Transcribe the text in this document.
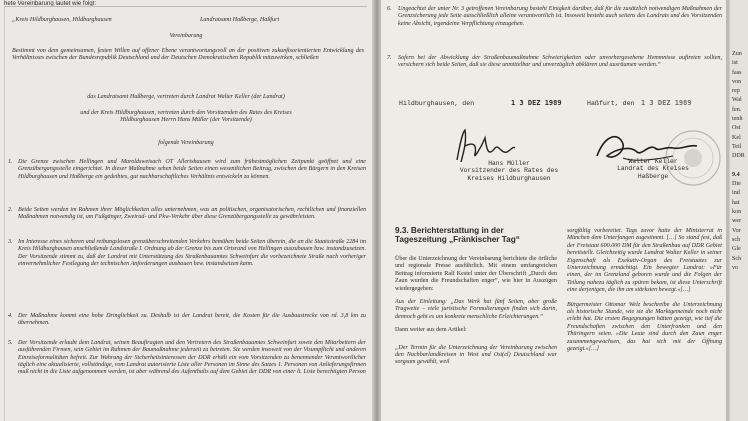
hete Vereinbarung lautet wie folgt:

„Kreis Hildburghausen, Hildburghausen	Landratsamt Haßberge, Haßfurt

Vereinbarung

Bestimmt von dem gemeinsamen, festen Willen auf offener Ebene verantwortungsvoll an der positiven zukunftsorientierten Entwicklung des Verhältnisses zwischen der Bundesrepublik Deutschland und der Deutschen Demokratischen Republik mitzuwirken, schließen

das Landratsamt Haßberge, vertreten durch Landrat Walter Keller (der Landrat)

und der Kreis Hildburghausen, vertreten durch den Vorsitzenden des Rates des Kreises Hildburghausen Herrn Hans Müller (der Vorsitzende)

folgende Vereinbarung

1. Die Grenze zwischen Hellingen und Maroldsweisach OT Allertshausen wird zum frühestmöglichen Zeitpunkt geöffnet und eine Grenzübergangsstelle eingerichtet. In dieser Maßnahme sehen beide Seiten einen wesentlichen Beitrag, zwischen den Bürgern in den Kreisen Hildburghausen und Haßberge ein gedeihtes, gut nachbarschaftliches Verhältnis entwickeln zu können.

2. Beide Seiten werden im Rahmen ihrer Möglichkeiten alles unternehmen, was an politischen, organisatorischen, rechtlichen und finanziellen Maßnahmen notwendig ist, um Fußgänger, Zweirad- und Pkw-Verkehr über diese Grenzübergangsstelle zu gewährleisten.

3. Im Interesse eines sicheren und reibungslosen grenzüberschreitenden Verkehrs bemühen beide Seiten überein, die an die Staatsstraße 2284 im Kreis Hildburghausen anschließende Landstraße I. Ordnung ab der Grenze bis zum Ortsrand von Hellingen auszubauen bzw. instandzusetzen. Der Vorsitzende stimmt zu, daß der Landrat mit Unterstützung des Straßenbauamtes Schweinfurt die vorbezeichnete Straße nach vorheriger einvernehmlicher Festlegung der technischen Anforderungen ausbauen bzw. instandsetzen kann.

4. Der Maßnahme kommt eine hohe Dringlichkeit zu. Deshalb ist der Landrat bereit, die Kosten für die Ausbaustrecke von rd. 3,8 km zu übernehmen.

5. Der Vorsitzende erlaubt dem Landrat, seinen Beauftragten und den Vertretern des Straßenbauamtes Schweinfurt sowie den Mitarbeitern der ausführenden Firmen, sein Gebiet im Rahmen der Baumaßnahme jederzeit zu betreten. Sie werden insoweit von der Visumpflicht und anderen Einreiseformalitäten befreit. Zur Wahrung der Sicherheitsinteressen der DDR erhält ein vom Vorsitzenden zu benennender Verantwortlicher täglich eine aktualisierte, vollständige, vom Landrat autorisierte Liste aller Personen im Sinne des Satzes 1. Personen von Anlieferungsfirmen muß nicht in die Liste aufgenommen werden, ist aber während des Aufenthalts auf dem Gebiet der DDR von einer lt. Liste berechtigten Person

6. Ungeachtet der unter Nr. 3 getroffenen Vereinbarung besteht Einigkeit darüber, daß für die zusätzlich notwendigen Maßnahmen der Grenzsicherung jede Seite ausschließlich alleine verantwortlich ist. Insoweit besteht auch seitens des Landrats und des Vorsitzenden keine Absicht, irgendeine Verpflichtung einzugehen.

7. Sofern bei der Abwicklung der Straßenbaumaßnahme Schwierigkeiten oder unvorhergesehene Hemmnisse auftreten sollten, versichern sich beide Seiten, daß sie diese unmittelbar und unverzüglich abklären und ausräumen werden.“

Hildburghausen, den	1 3 DEZ 1989	Haßfurt, den 1 3 DEZ 1989
Hans Müller
Vorsitzender des Rates des
Kreises Hildburghausen
Walter Keller
Landrat des Kreises
Haßberge
9.3. Berichterstattung in der Tageszeitung „Fränkischer Tag“

Über die Unterzeichnung der Vereinbarung berichtete die örtliche und regionale Presse ausführlich. Mit einem umfangreichen Beitrag informierte Ralf Kestel unter der Überschrift „Durch den Zaun wurden die Freundschaften enger“, wie hier in Auszügen wiedergegeben:

Aus der Einleitung: „Das Werk hat fünf Seiten, aber große Tragweite – viele juristische Formulierungen finden sich darin, dennoch geht es um konkrete menschliche Erleichterungen.“

Dann weiter aus dem Artikel:

„Der Termin für die Unterzeichnung der Vereinbarung zwischen den Nachbarlandkreisen in West und Ost(el) Deutschland war sorgsam gewählt, weil

sorgfältig vorbereitet. Tags zuvor hatte der Ministerrat in München dem Unterfangen zugestimmt. […] So stand fest, daß der Freistaat 600.000 DM für den Straßenbau auf DDR Gebiet bereitstellt. Gleichzeitig wurde Landrat Walter Keller in seiner Eigenschaft als Exekutiv-Organ des Freistaates zur Unterzeichnung ermächtigt. Ein bewegter Landrat: »Für einen, der im Grenzland geboren wurde und die Folgen der Teilung nahezu täglich zu spüren bekam, ist diese Unterschrift eine derjenigen, die ihn am stärksten bewegt.«[…]

Bürgermeister Ottomar Welz beschreibe die Unterzeichnung als historische Stunde, wie sie die Marktgemeinde noch nicht erlebt hat. Die ersten Begegnungen hätten gezeigt, wie tief die Freundschaften zwischen den Unterfranken und den Thüringern seien. »Die Leute sind durch den Zaun enger zusammengewachsen, das hat sich mit der Öffnung gezeigt.«[…]

Zun
ist
fass
von
rep
Wal
fen.
tenh
Ost
Kel
Teil
DDR
9.4
Die
ind
hat
kon
wer
Vor
sch
Gle
Sch
vo
